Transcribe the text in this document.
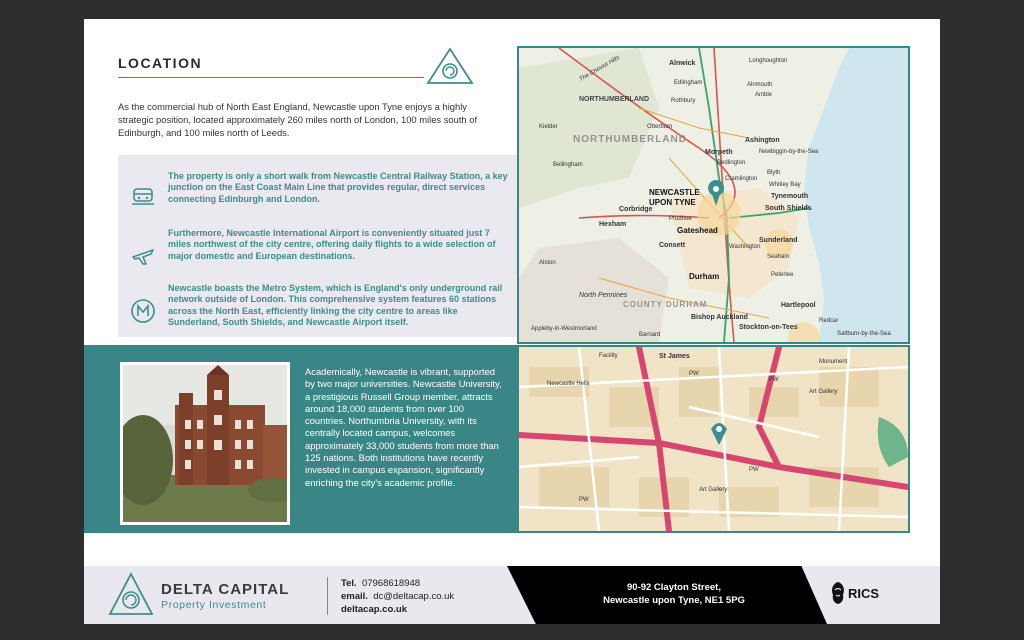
LOCATION
As the commercial hub of North East England, Newcastle upon Tyne enjoys a highly strategic position, located approximately 260 miles north of London, 100 miles south of Edinburgh, and 100 miles north of Leeds.
The property is only a short walk from Newcastle Central Railway Station, a key junction on the East Coast Main Line that provides regular, direct services connecting Edinburgh and London.
Furthermore, Newcastle International Airport is conveniently situated just 7 miles northwest of the city centre, offering daily flights to a wide selection of major domestic and European destinations.
Newcastle boasts the Metro System, which is England's only underground rail network outside of London. This comprehensive system features 60 stations across the North East, efficiently linking the city centre to areas like Sunderland, South Shields, and Newcastle Airport itself.
Academically, Newcastle is vibrant, supported by two major universities. Newcastle University, a prestigious Russell Group member, attracts around 18,000 students from over 100 countries. Northumbria University, with its centrally located campus, welcomes approximately 33,000 students from more than 125 nations. Both institutions have recently invested in campus expansion, significantly enriching the city's academic profile.
Alnwick	Longhoughton
Edlingham	Alnmouth
Amble
NORTHUMBERLAND	Rothbury
NORTHUMBERLAND
Kielder	Otterburn
Ashington
Morpeth	Newbiggin-by-the-Sea
Bellingham	Bedlington
Blyth
Cramlington
Whitley Bay
NEWCASTLE
UPON TYNE
Tynemouth
South Shields
Corbridge
Hexham
Prudhoe
Gateshead
Sunderland
Consett	Washington
Seaham
Alston
Durham	Peterlee
COUNTY DURHAM
North Pennines
Hartlepool
Bishop Auckland
Stockton-on-Tees
Redcar
Appleby-in-Westmorland
Barnard	Saltburn-by-the-Sea
The Cheviot Hills
St James
Facility
Newcastle Helix
Monument
Art Gallery
Art Gallery
PW
PW
PW
PW
DELTA CAPITAL
Property Investment
Tel. 07968618948
email. dc@deltacap.co.uk
deltacap.co.uk
90-92 Clayton Street,
Newcastle upon Tyne, NE1 5PG	RICS
